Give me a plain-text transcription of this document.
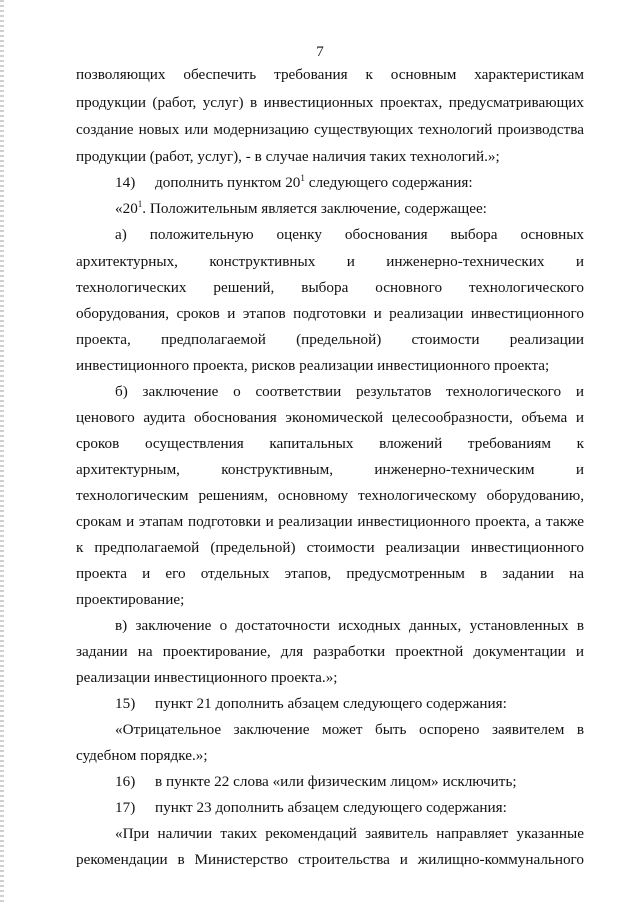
7
позволяющих обеспечить требования к основным характеристикам
продукции (работ, услуг) в инвестиционных проектах, предусматривающих
создание новых или модернизацию существующих технологий производства
продукции (работ, услуг), - в случае наличия таких технологий.»;
14) дополнить пунктом $20^1$ следующего содержания:
«$20^1$. Положительным является заключение, содержащее:
а) положительную оценку обоснования выбора основных
архитектурных, конструктивных и инженерно-технических и
технологических решений, выбора основного технологического
оборудования, сроков и этапов подготовки и реализации инвестиционного
проекта, предполагаемой (предельной) стоимости реализации
инвестиционного проекта, рисков реализации инвестиционного проекта;
б) заключение о соответствии результатов технологического и
ценового аудита обоснования экономической целесообразности, объема и
сроков осуществления капитальных вложений требованиям к
архитектурным, конструктивным, инженерно-техническим и
технологическим решениям, основному технологическому оборудованию,
срокам и этапам подготовки и реализации инвестиционного проекта, а также
к предполагаемой (предельной) стоимости реализации инвестиционного
проекта и его отдельных этапов, предусмотренным в задании на
проектирование;
в) заключение о достаточности исходных данных, установленных в
задании на проектирование, для разработки проектной документации и
реализации инвестиционного проекта.»;
15) пункт 21 дополнить абзацем следующего содержания:
«Отрицательное заключение может быть оспорено заявителем в
судебном порядке.»;
16) в пункте 22 слова «или физическим лицом» исключить;
17) пункт 23 дополнить абзацем следующего содержания:
«При наличии таких рекомендаций заявитель направляет указанные
рекомендации в Министерство строительства и жилищно-коммунального
